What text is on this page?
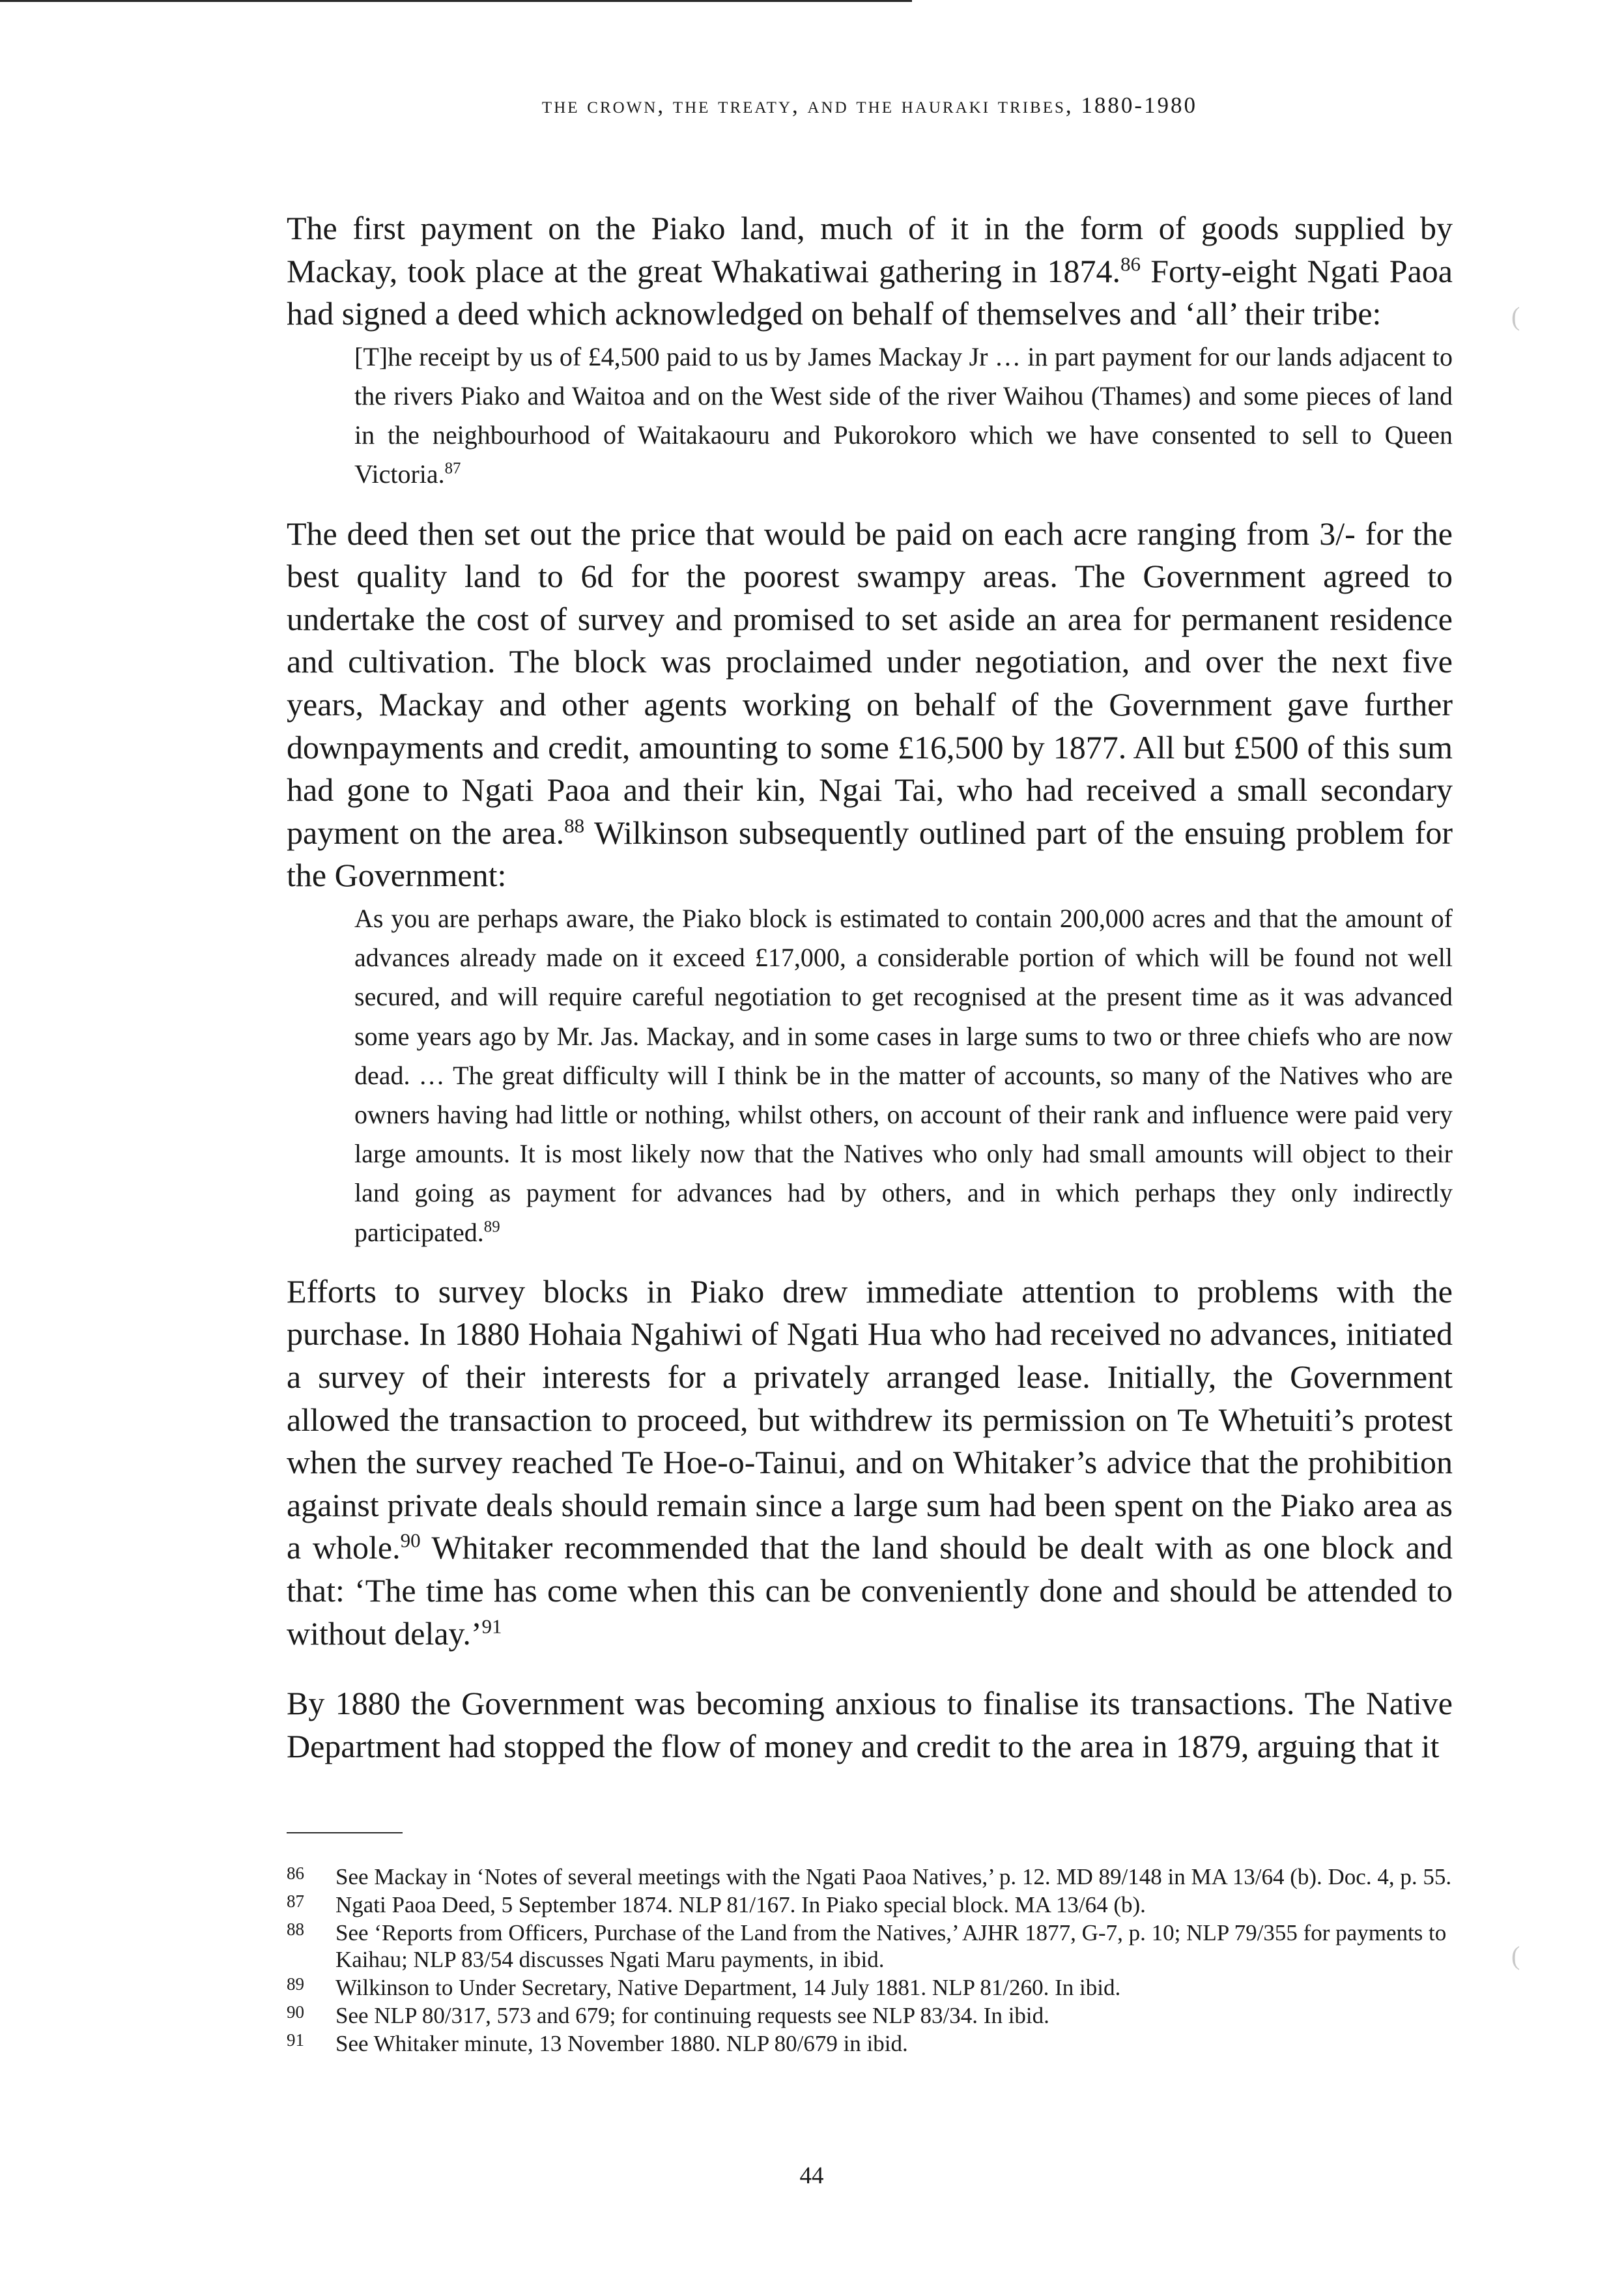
the crown, the treaty, and the hauraki tribes, 1880-1980

The first payment on the Piako land, much of it in the form of goods supplied by Mackay, took place at the great Whakatiwai gathering in 1874.86 Forty-eight Ngati Paoa had signed a deed which acknowledged on behalf of themselves and ‘all’ their tribe:

[T]he receipt by us of £4,500 paid to us by James Mackay Jr … in part payment for our lands adjacent to the rivers Piako and Waitoa and on the West side of the river Waihou (Thames) and some pieces of land in the neighbourhood of Waitakaouru and Pukorokoro which we have consented to sell to Queen Victoria.$^{87}$

The deed then set out the price that would be paid on each acre ranging from 3/- for the best quality land to 6d for the poorest swampy areas. The Government agreed to undertake the cost of survey and promised to set aside an area for permanent residence and cultivation. The block was proclaimed under negotiation, and over the next five years, Mackay and other agents working on behalf of the Government gave further downpayments and credit, amounting to some £16,500 by 1877. All but £500 of this sum had gone to Ngati Paoa and their kin, Ngai Tai, who had received a small secondary payment on the area.$^{88}$ Wilkinson subsequently outlined part of the ensuing problem for the Government:

As you are perhaps aware, the Piako block is estimated to contain 200,000 acres and that the amount of advances already made on it exceed £17,000, a considerable portion of which will be found not well secured, and will require careful negotiation to get recognised at the present time as it was advanced some years ago by Mr. Jas. Mackay, and in some cases in large sums to two or three chiefs who are now dead. … The great difficulty will I think be in the matter of accounts, so many of the Natives who are owners having had little or nothing, whilst others, on account of their rank and influence were paid very large amounts. It is most likely now that the Natives who only had small amounts will object to their land going as payment for advances had by others, and in which perhaps they only indirectly participated.$^{89}$

Efforts to survey blocks in Piako drew immediate attention to problems with the purchase. In 1880 Hohaia Ngahiwi of Ngati Hua who had received no advances, initiated a survey of their interests for a privately arranged lease. Initially, the Government allowed the transaction to proceed, but withdrew its permission on Te Whetuiti’s protest when the survey reached Te Hoe-o-Tainui, and on Whitaker’s advice that the prohibition against private deals should remain since a large sum had been spent on the Piako area as a whole.$^{90}$ Whitaker recommended that the land should be dealt with as one block and that: ‘The time has come when this can be conveniently done and should be attended to without delay.’$^{91}$

By 1880 the Government was becoming anxious to finalise its transactions. The Native Department had stopped the flow of money and credit to the area in 1879, arguing that it

86 See Mackay in ‘Notes of several meetings with the Ngati Paoa Natives,’ p. 12. MD 89/148 in MA 13/64 (b). Doc. 4, p. 55.
87 Ngati Paoa Deed, 5 September 1874. NLP 81/167. In Piako special block. MA 13/64 (b).
88 See ‘Reports from Officers, Purchase of the Land from the Natives,’ AJHR 1877, G-7, p. 10; NLP 79/355 for payments to Kaihau; NLP 83/54 discusses Ngati Maru payments, in ibid.
89 Wilkinson to Under Secretary, Native Department, 14 July 1881. NLP 81/260. In ibid.
90 See NLP 80/317, 573 and 679; for continuing requests see NLP 83/34. In ibid.
91 See Whitaker minute, 13 November 1880. NLP 80/679 in ibid.
44
(
(
